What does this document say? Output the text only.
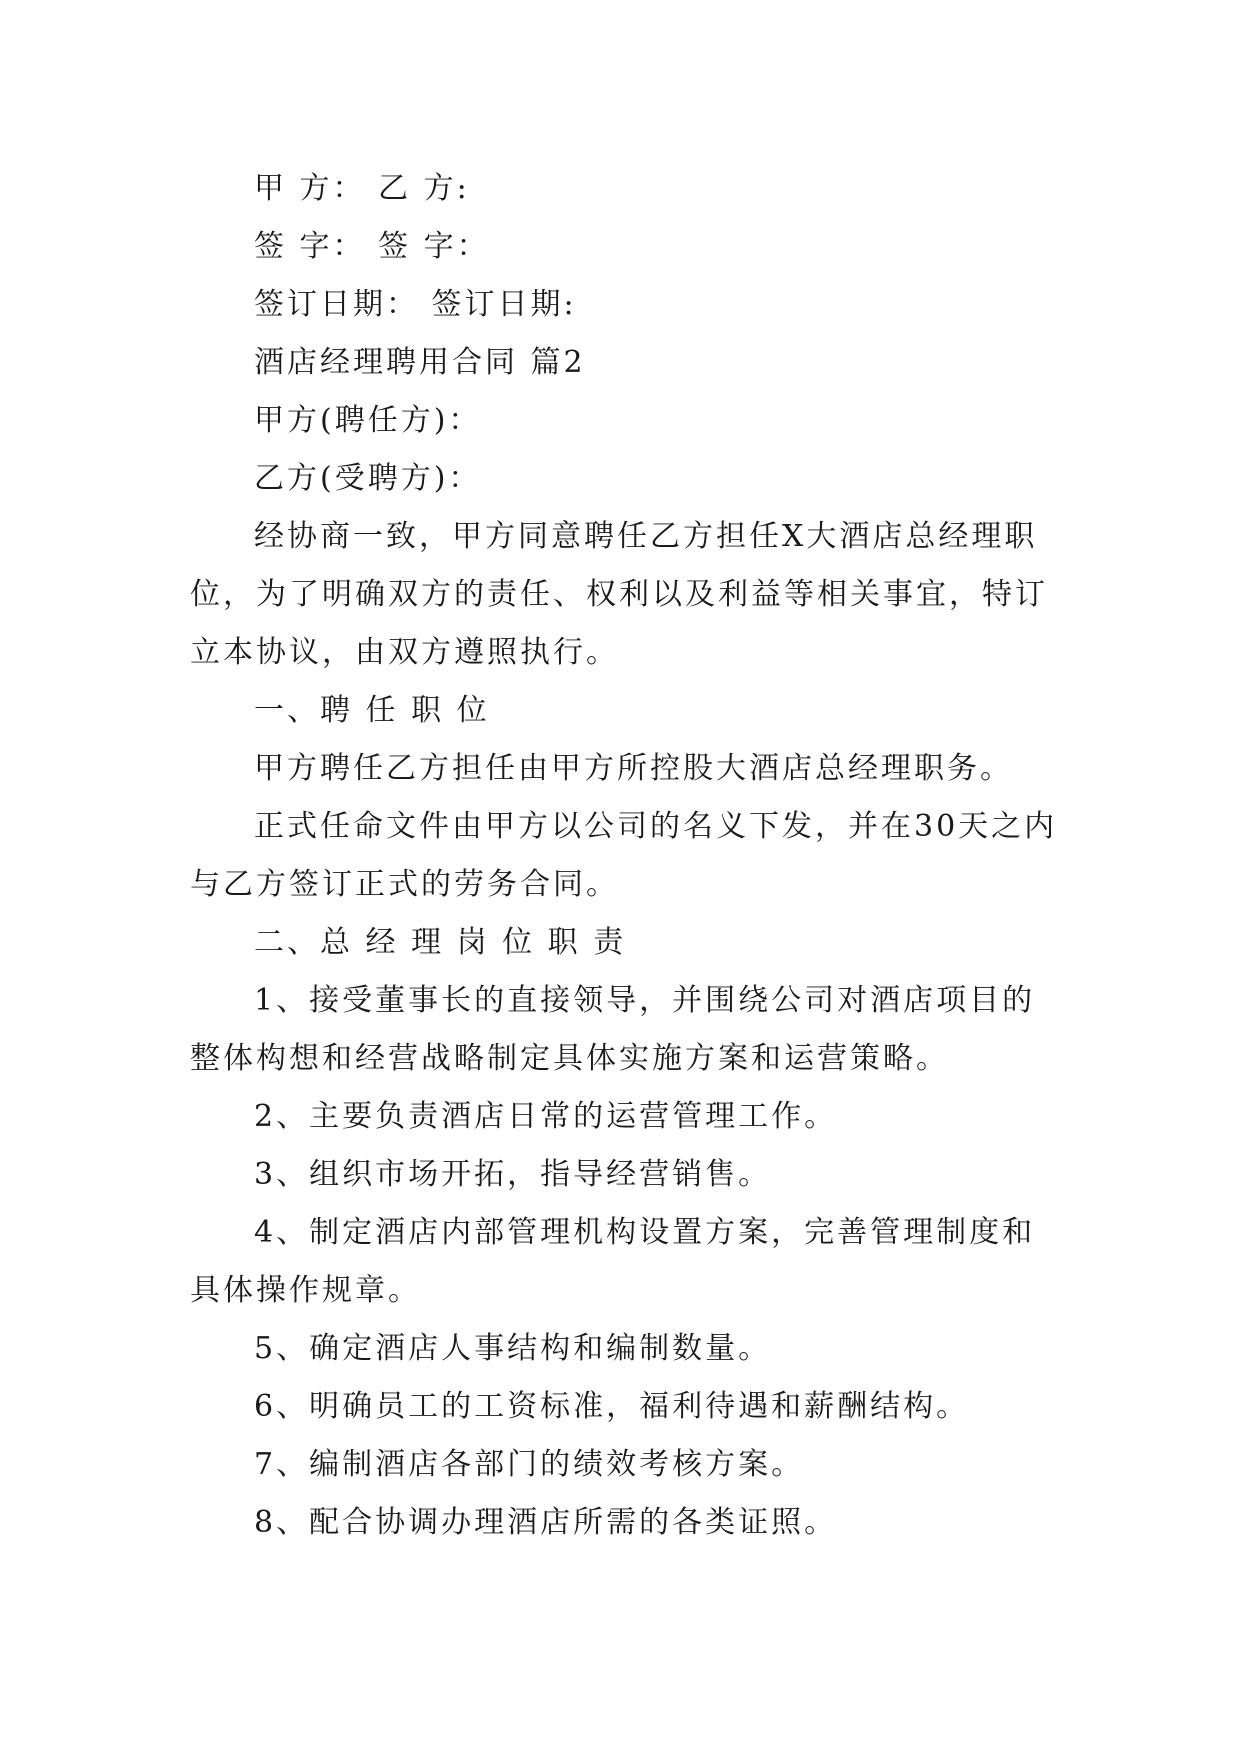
甲 方： 乙 方:

签 字： 签 字：

签订日期： 签订日期:

酒店经理聘用合同 篇2

甲方(聘任方)：

乙方(受聘方)：

经协商一致，甲方同意聘任乙方担任X大酒店总经理职位，为了明确双方的责任、权利以及利益等相关事宜，特订立本协议，由双方遵照执行。

一、聘 任 职 位

甲方聘任乙方担任由甲方所控股大酒店总经理职务。

正式任命文件由甲方以公司的名义下发，并在30天之内与乙方签订正式的劳务合同。

二、总 经 理 岗 位 职 责

1、接受董事长的直接领导，并围绕公司对酒店项目的整体构想和经营战略制定具体实施方案和运营策略。

2、主要负责酒店日常的运营管理工作。

3、组织市场开拓，指导经营销售。

4、制定酒店内部管理机构设置方案，完善管理制度和具体操作规章。

5、确定酒店人事结构和编制数量。

6、明确员工的工资标准，福利待遇和薪酬结构。

7、编制酒店各部门的绩效考核方案。

8、配合协调办理酒店所需的各类证照。
